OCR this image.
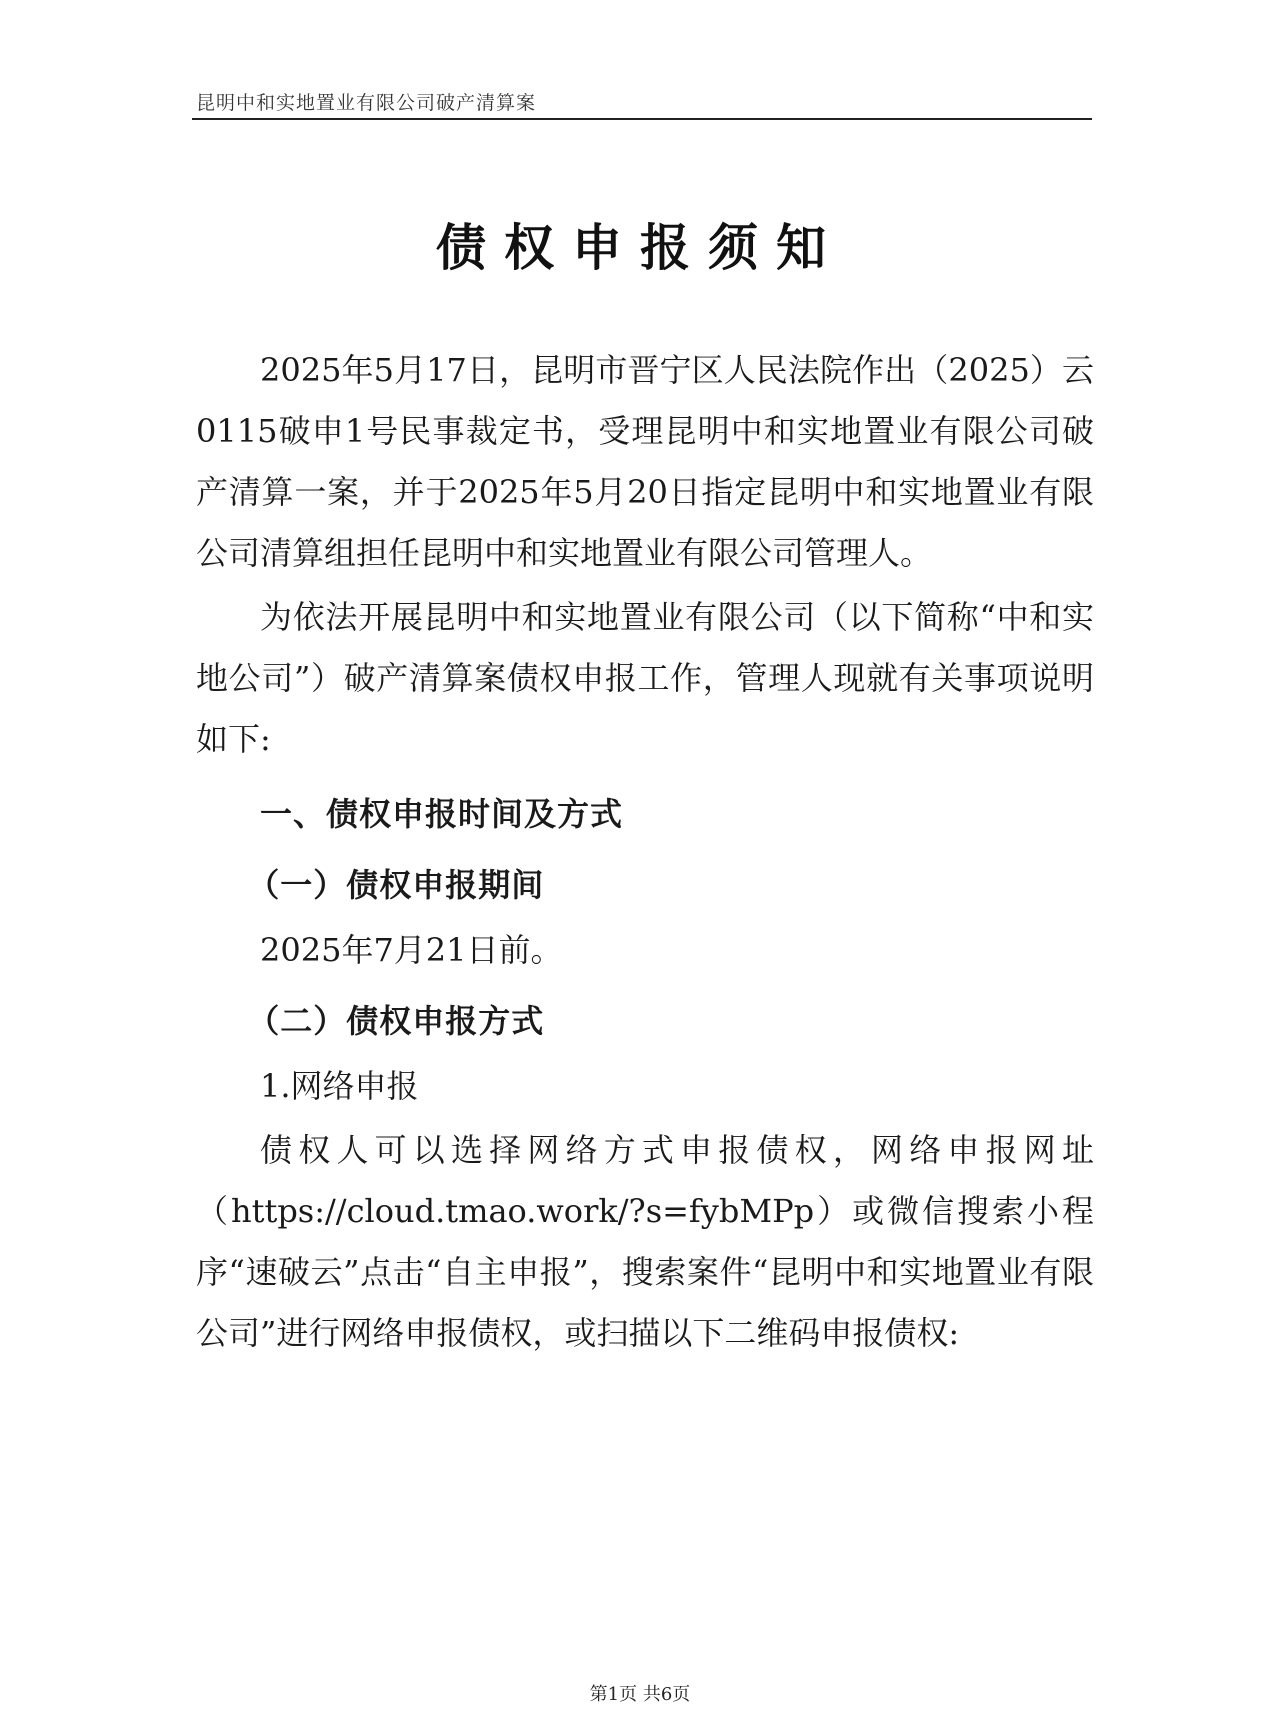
昆明中和实地置业有限公司破产清算案
债权申报须知

2025年5月17日，昆明市晋宁区人民法院作出（2025）云0115破申1号民事裁定书，受理昆明中和实地置业有限公司破产清算一案，并于2025年5月20日指定昆明中和实地置业有限公司清算组担任昆明中和实地置业有限公司管理人。

为依法开展昆明中和实地置业有限公司（以下简称“中和实地公司”）破产清算案债权申报工作，管理人现就有关事项说明如下:

一、债权申报时间及方式
（一）债权申报期间

2025年7月21日前。

（二）债权申报方式

1.网络申报

债权人可以选择网络方式申报债权，网络申报网址（https://cloud.tmao.work/?s=fybMPp）或微信搜索小程序“速破云”点击“自主申报”，搜索案件“昆明中和实地置业有限公司”进行网络申报债权，或扫描以下二维码申报债权:

第1页 共6页
